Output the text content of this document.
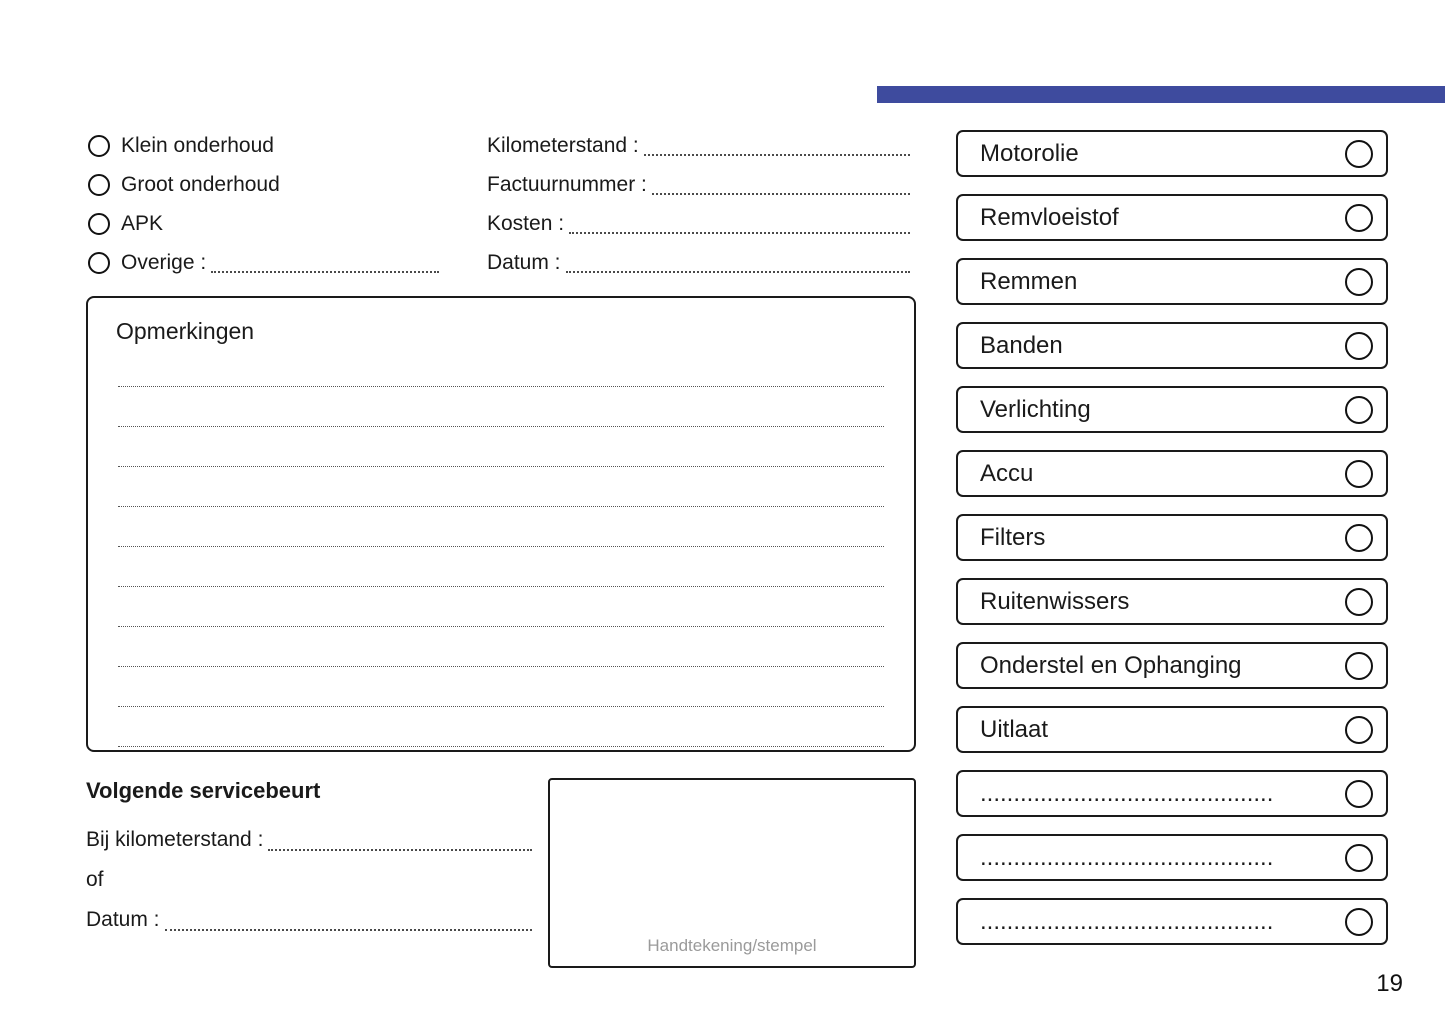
Klein onderhoud
Groot onderhoud
APK
Overige :
Kilometerstand :
Factuurnummer :
Kosten :
Datum :
Opmerkingen
Motorolie
Remvloeistof
Remmen
Banden
Verlichting
Accu
Filters
Ruitenwissers
Onderstel en Ophanging
Uitlaat
............................................
............................................
............................................
Volgende servicebeurt
Bij kilometerstand :
of
Datum :
Handtekening/stempel
19
